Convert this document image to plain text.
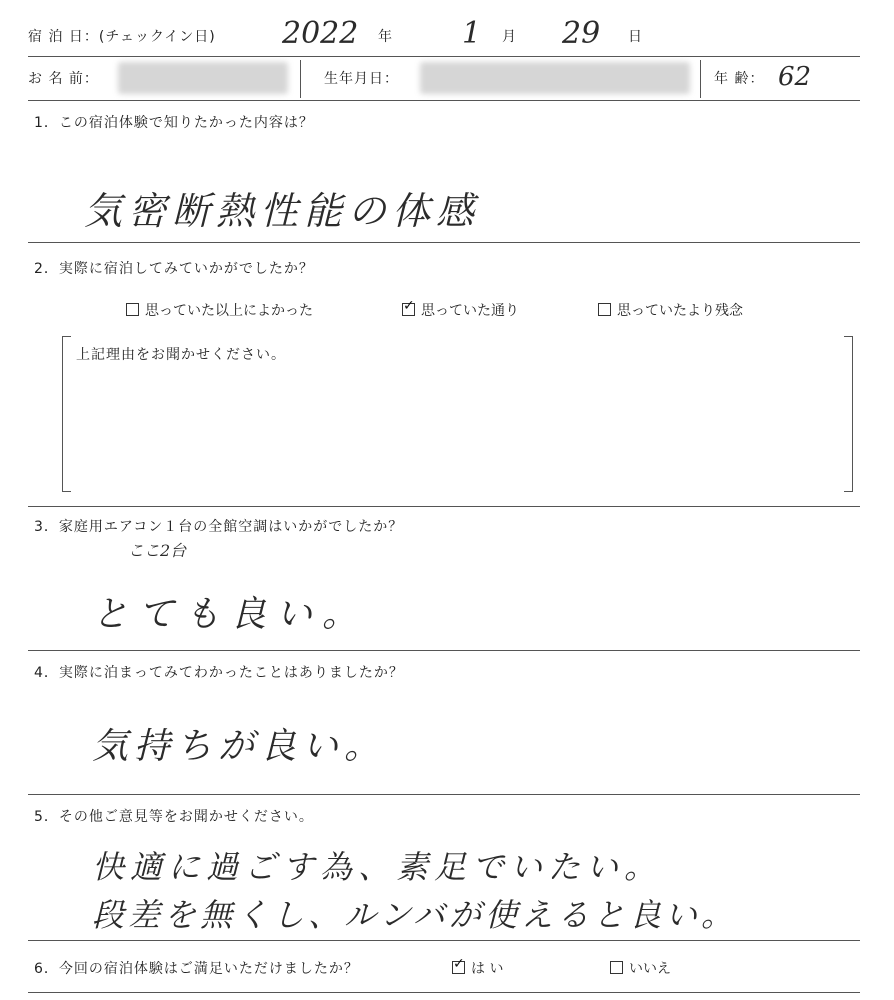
宿 泊 日：(チェックイン日) 2022 年 1 月 29 日
お 名 前：	生年月日：	年 齢： 62
1．この宿泊体験で知りたかった内容は？
気密断熱性能の体感
2．実際に宿泊してみていかがでしたか？
思っていた以上によかった ✓	思っていた通り	思っていたより残念
上記理由をお聞かせください。
3．家庭用エアコン１台の全館空調はいかがでしたか？
ここ2台
とても良い。
4．実際に泊まってみてわかったことはありましたか？
気持ちが良い。
5．その他ご意見等をお聞かせください。
快適に過ごす為、素足でいたい。
段差を無くし、ルンバが使えると良い。
6．今回の宿泊体験はご満足いただけましたか？ ✓	は い	いいえ
